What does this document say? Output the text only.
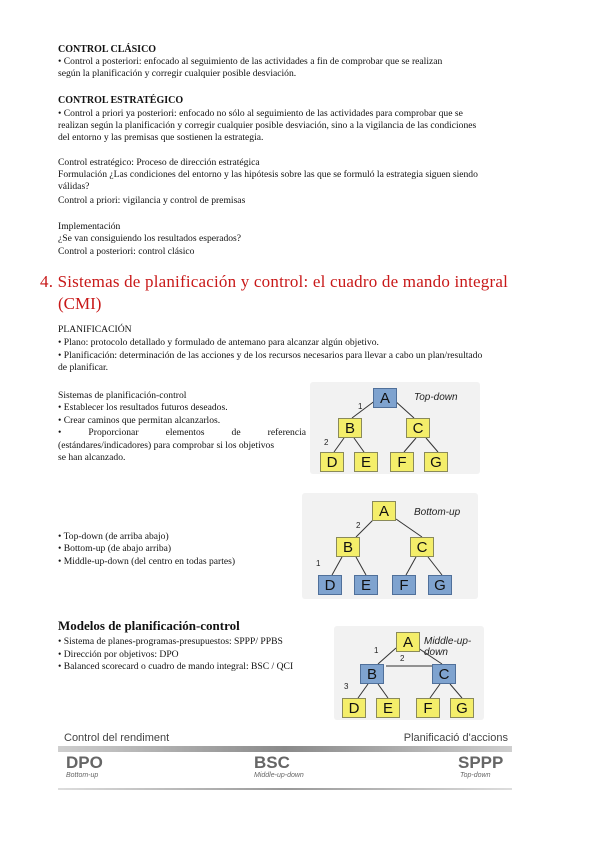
CONTROL CLÁSICO
• Control a posteriori: enfocado al seguimiento de las actividades a fin de comprobar que se realizan
según la planificación y corregir cualquier posible desviación.
CONTROL ESTRATÉGICO
• Control a priori ya posteriori: enfocado no sólo al seguimiento de las actividades para comprobar que se
realizan según la planificación y corregir cualquier posible desviación, sino a la vigilancia de las condiciones
del entorno y las premisas que sostienen la estrategia.
Control estratégico: Proceso de dirección estratégica
Formulación ¿Las condiciones del entorno y las hipótesis sobre las que se formuló la estrategia siguen siendo
válidas?
Control a priori: vigilancia y control de premisas
Implementación
¿Se van consiguiendo los resultados esperados?
Control a posteriori: control clásico
4. Sistemas de planificación y control: el cuadro de mando integral
(CMI)
PLANIFICACIÓN
• Plano: protocolo detallado y formulado de antemano para alcanzar algún objetivo.
• Planificación: determinación de las acciones y de los recursos necesarios para llevar a cabo un plan/resultado
de planificar.
Sistemas de planificación-control
• Establecer los resultados futuros deseados.
• Crear caminos que permitan alcanzarlos.
• Proporcionar elementos de referencia
(estándares/indicadores) para comprobar si los objetivos
se han alcanzado.
A
B	C
D	E	F	G
Top-down
1
2
A
B	C
D	E	F	G
Bottom-up
1
2
• Top-down (de arriba abajo)
• Bottom-up (de abajo arriba)
• Middle-up-down (del centro en todas partes)
Modelos de planificación-control
• Sistema de planes-programas-presupuestos: SPPP/ PPBS
• Dirección por objetivos: DPO
• Balanced scorecard o cuadro de mando integral: BSC / QCI
A
B	C
D	E	F	G
Middle-up-down
1
2
3
Control del rendiment	Planificació d'accions
DPO
Bottom-up
BSC
Middle-up-down
SPPP
Top-down
